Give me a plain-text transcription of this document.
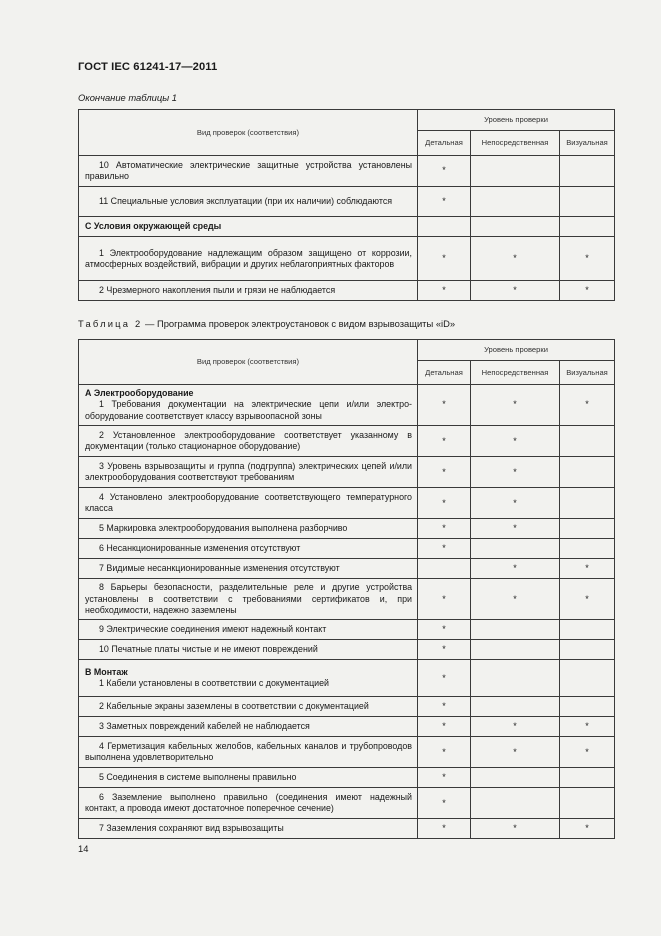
ГОСТ IEC 61241-17—2011
Окончание таблицы 1
Вид проверок (соответствия)	Уровень проверки		
	Детальная	Непосредственная	Визуальная
10 Автоматические электрические защитные устройства установлены правильно	*		
11 Специальные условия эксплуатации (при их наличии) соблюдаются	*		
С Условия окружающей среды			
1 Электрооборудование надлежащим образом защищено от коррозии, атмосферных воздействий, вибрации и других неблагоприятных факторов	*	*	*
2 Чрезмерного накопления пыли и грязи не наблюдается	*	*	*
Таблица 2 — Программа проверок электроустановок с видом взрывозащиты «iD»
Вид проверок (соответствия)	Уровень проверки		
	Детальная	Непосредственная	Визуальная

А Электрооборудование
1 Требования документации на электрические цепи и/или электрооборудование соответствует классу взрывоопасной зоны	*	*	*
2 Установленное электрооборудование соответствует указанному в документации (только стационарное оборудование)	*	*	
3 Уровень взрывозащиты и группа (подгруппа) электрических цепей и/или электрооборудования соответствуют требованиям	*	*	
4 Установлено электрооборудование соответствующего температурного класса	*	*	
5 Маркировка электрооборудования выполнена разборчиво	*	*	
6 Несанкционированные изменения отсутствуют	*		
7 Видимые несанкционированные изменения отсутствуют		*	*
8 Барьеры безопасности, разделительные реле и другие устройства установлены в соответствии с требованиями сертификатов и, при необходимости, надежно заземлены	*	*	*
9 Электрические соединения имеют надежный контакт	*		
10 Печатные платы чистые и не имеют повреждений	*		

В Монтаж
1 Кабели установлены в соответствии с документацией	*		
2 Кабельные экраны заземлены в соответствии с документацией	*		
3 Заметных повреждений кабелей не наблюдается	*	*	*
4 Герметизация кабельных желобов, кабельных каналов и трубопроводов выполнена удовлетворительно	*	*	*
5 Соединения в системе выполнены правильно	*		
6 Заземление выполнено правильно (соединения имеют надежный контакт, а провода имеют достаточное поперечное сечение)	*		
7 Заземления сохраняют вид взрывозащиты	*	*	*
14
